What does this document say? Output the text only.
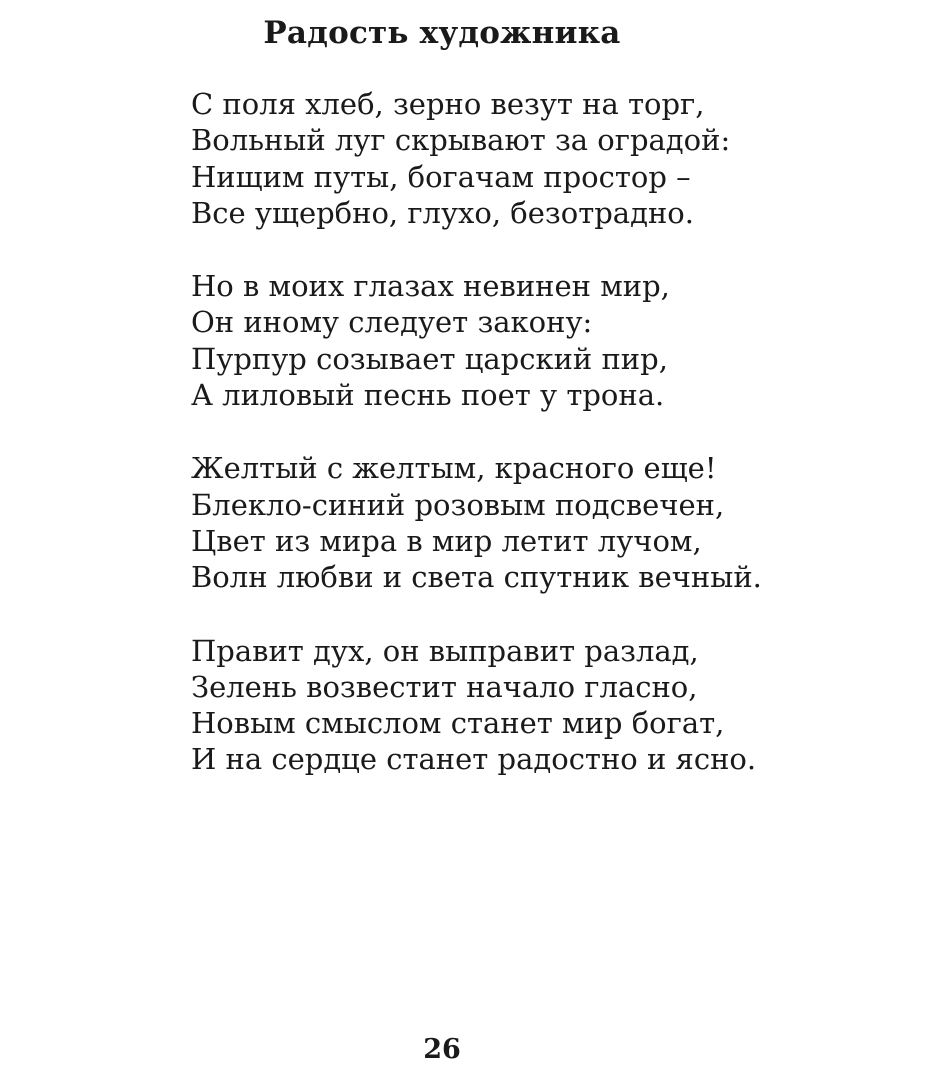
Радость художника
С поля хлеб, зерно везут на торг,
Вольный луг скрывают за оградой:
Нищим путы, богачам простор –
Все ущербно, глухо, безотрадно.
Но в моих глазах невинен мир,
Он иному следует закону:
Пурпур созывает царский пир,
А лиловый песнь поет у трона.
Желтый с желтым, красного еще!
Блекло-синий розовым подсвечен,
Цвет из мира в мир летит лучом,
Волн любви и света спутник вечный.
Правит дух, он выправит разлад,
Зелень возвестит начало гласно,
Новым смыслом станет мир богат,
И на сердце станет радостно и ясно.
26
